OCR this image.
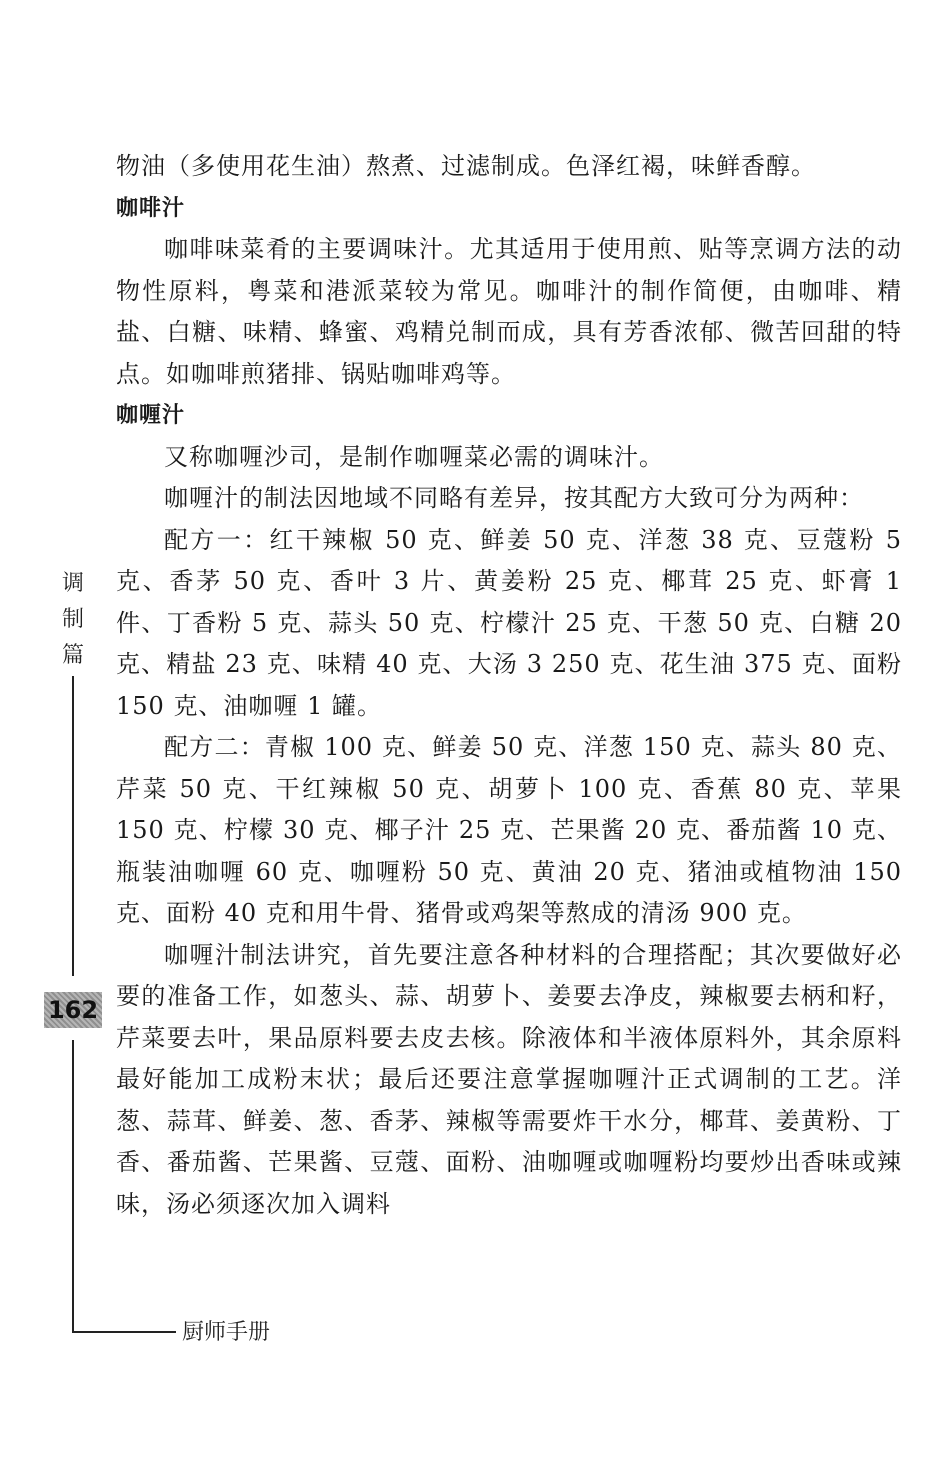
物油（多使用花生油）熬煮、过滤制成。色泽红褐，味鲜香醇。

咖啡汁

咖啡味菜肴的主要调味汁。尤其适用于使用煎、贴等烹调方法的动物性原料，粤菜和港派菜较为常见。咖啡汁的制作简便，由咖啡、精盐、白糖、味精、蜂蜜、鸡精兑制而成，具有芳香浓郁、微苦回甜的特点。如咖啡煎猪排、锅贴咖啡鸡等。

咖喱汁

又称咖喱沙司，是制作咖喱菜必需的调味汁。

咖喱汁的制法因地域不同略有差异，按其配方大致可分为两种：

配方一：红干辣椒 50 克、鲜姜 50 克、洋葱 38 克、豆蔻粉 5 克、香茅 50 克、香叶 3 片、黄姜粉 25 克、椰茸 25 克、虾膏 1 件、丁香粉 5 克、蒜头 50 克、柠檬汁 25 克、干葱 50 克、白糖 20 克、精盐 23 克、味精 40 克、大汤 3 250 克、花生油 375 克、面粉 150 克、油咖喱 1 罐。

配方二：青椒 100 克、鲜姜 50 克、洋葱 150 克、蒜头 80 克、芹菜 50 克、干红辣椒 50 克、胡萝卜 100 克、香蕉 80 克、苹果 150 克、柠檬 30 克、椰子汁 25 克、芒果酱 20 克、番茄酱 10 克、瓶装油咖喱 60 克、咖喱粉 50 克、黄油 20 克、猪油或植物油 150 克、面粉 40 克和用牛骨、猪骨或鸡架等熬成的清汤 900 克。

咖喱汁制法讲究，首先要注意各种材料的合理搭配；其次要做好必要的准备工作，如葱头、蒜、胡萝卜、姜要去净皮，辣椒要去柄和籽，芹菜要去叶，果品原料要去皮去核。除液体和半液体原料外，其余原料最好能加工成粉末状；最后还要注意掌握咖喱汁正式调制的工艺。洋葱、蒜茸、鲜姜、葱、香茅、辣椒等需要炸干水分，椰茸、姜黄粉、丁香、番茄酱、芒果酱、豆蔻、面粉、油咖喱或咖喱粉均要炒出香味或辣味，汤必须逐次加入调料

调
制
篇
162
厨师手册
